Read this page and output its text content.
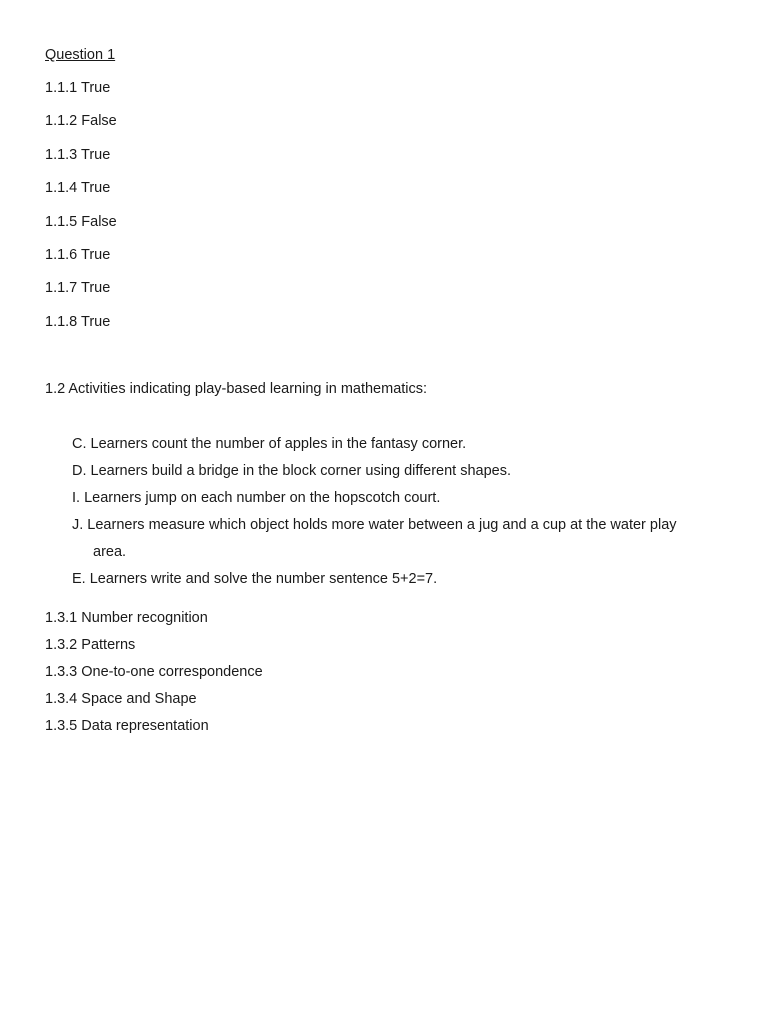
Question 1
1.1.1 True
1.1.2 False
1.1.3 True
1.1.4 True
1.1.5 False
1.1.6 True
1.1.7 True
1.1.8 True
1.2 Activities indicating play-based learning in mathematics:
C. Learners count the number of apples in the fantasy corner.
D. Learners build a bridge in the block corner using different shapes.
I. Learners jump on each number on the hopscotch court.
J. Learners measure which object holds more water between a jug and a cup at the water play
area.
E. Learners write and solve the number sentence 5+2=7.
1.3.1 Number recognition
1.3.2 Patterns
1.3.3 One-to-one correspondence
1.3.4 Space and Shape
1.3.5 Data representation
